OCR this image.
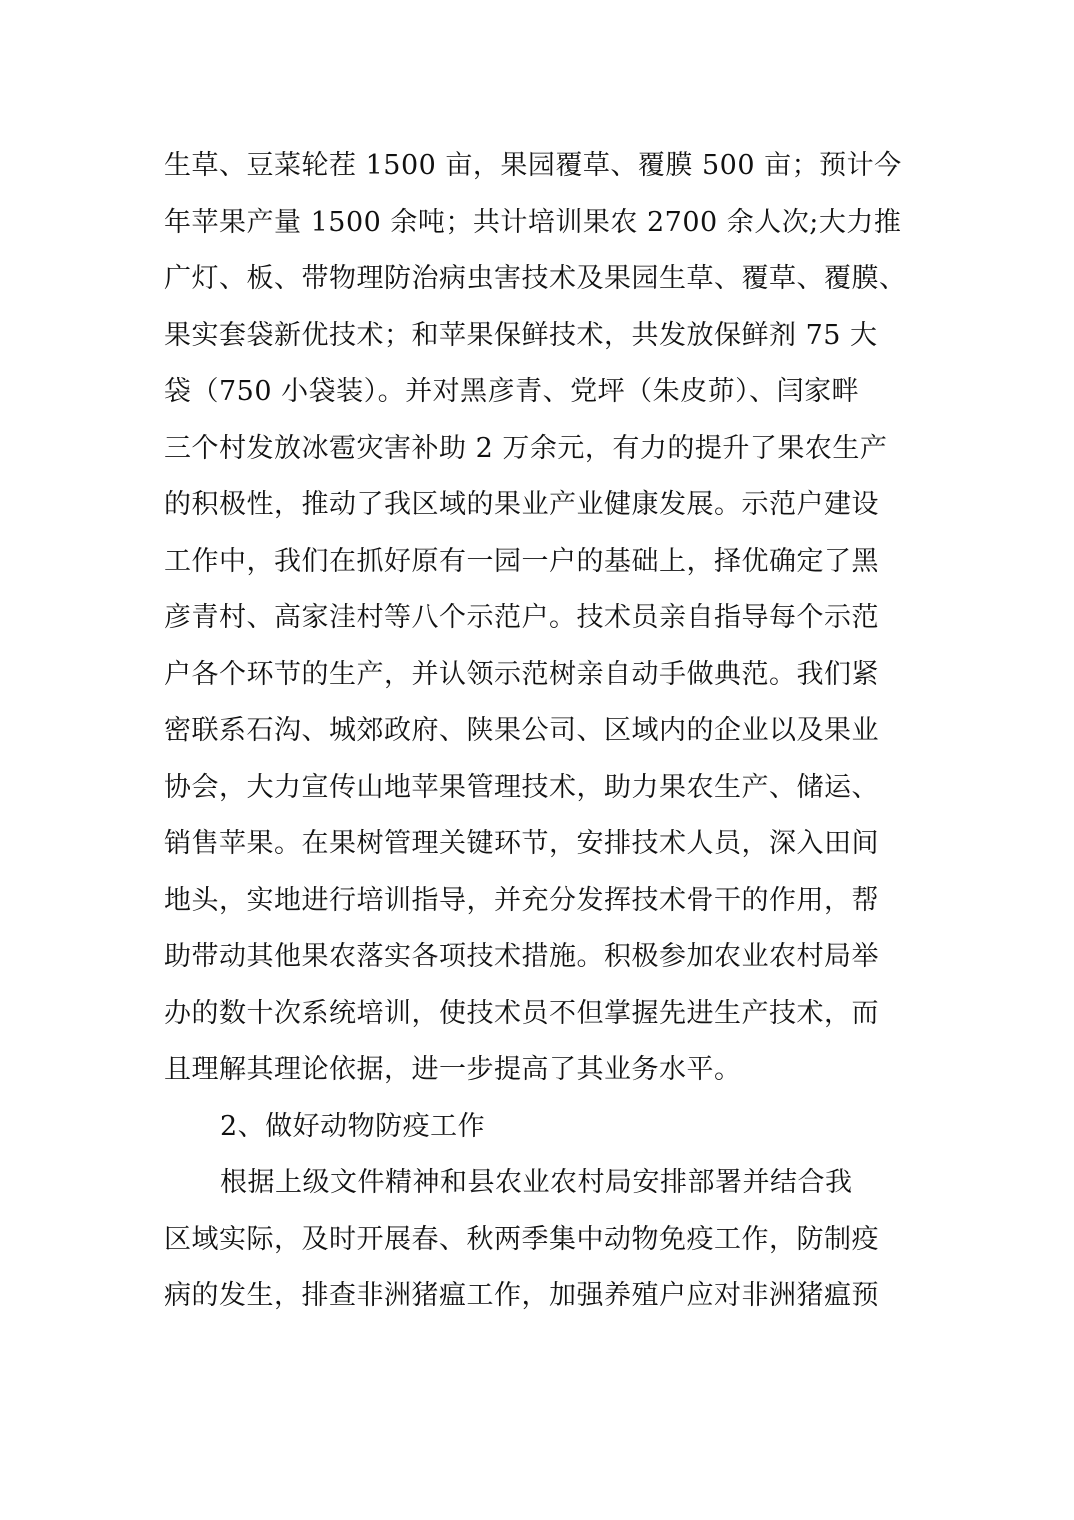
生草、豆菜轮茬 1500 亩，果园覆草、覆膜 500 亩；预计今
年苹果产量 1500 余吨；共计培训果农 2700 余人次;大力推
广灯、板、带物理防治病虫害技术及果园生草、覆草、覆膜、
果实套袋新优技术；和苹果保鲜技术，共发放保鲜剂 75 大
袋（750 小袋装）。并对黑彦青、党坪（朱皮茆）、闫家畔
三个村发放冰雹灾害补助 2 万余元，有力的提升了果农生产
的积极性，推动了我区域的果业产业健康发展。示范户建设
工作中，我们在抓好原有一园一户的基础上，择优确定了黑
彦青村、高家洼村等八个示范户。技术员亲自指导每个示范
户各个环节的生产，并认领示范树亲自动手做典范。我们紧
密联系石沟、城郊政府、陕果公司、区域内的企业以及果业
协会，大力宣传山地苹果管理技术，助力果农生产、储运、
销售苹果。在果树管理关键环节，安排技术人员，深入田间
地头，实地进行培训指导，并充分发挥技术骨干的作用，帮
助带动其他果农落实各项技术措施。积极参加农业农村局举
办的数十次系统培训，使技术员不但掌握先进生产技术，而
且理解其理论依据，进一步提高了其业务水平。
2、做好动物防疫工作
根据上级文件精神和县农业农村局安排部署并结合我
区域实际，及时开展春、秋两季集中动物免疫工作，防制疫
病的发生，排查非洲猪瘟工作，加强养殖户应对非洲猪瘟预
